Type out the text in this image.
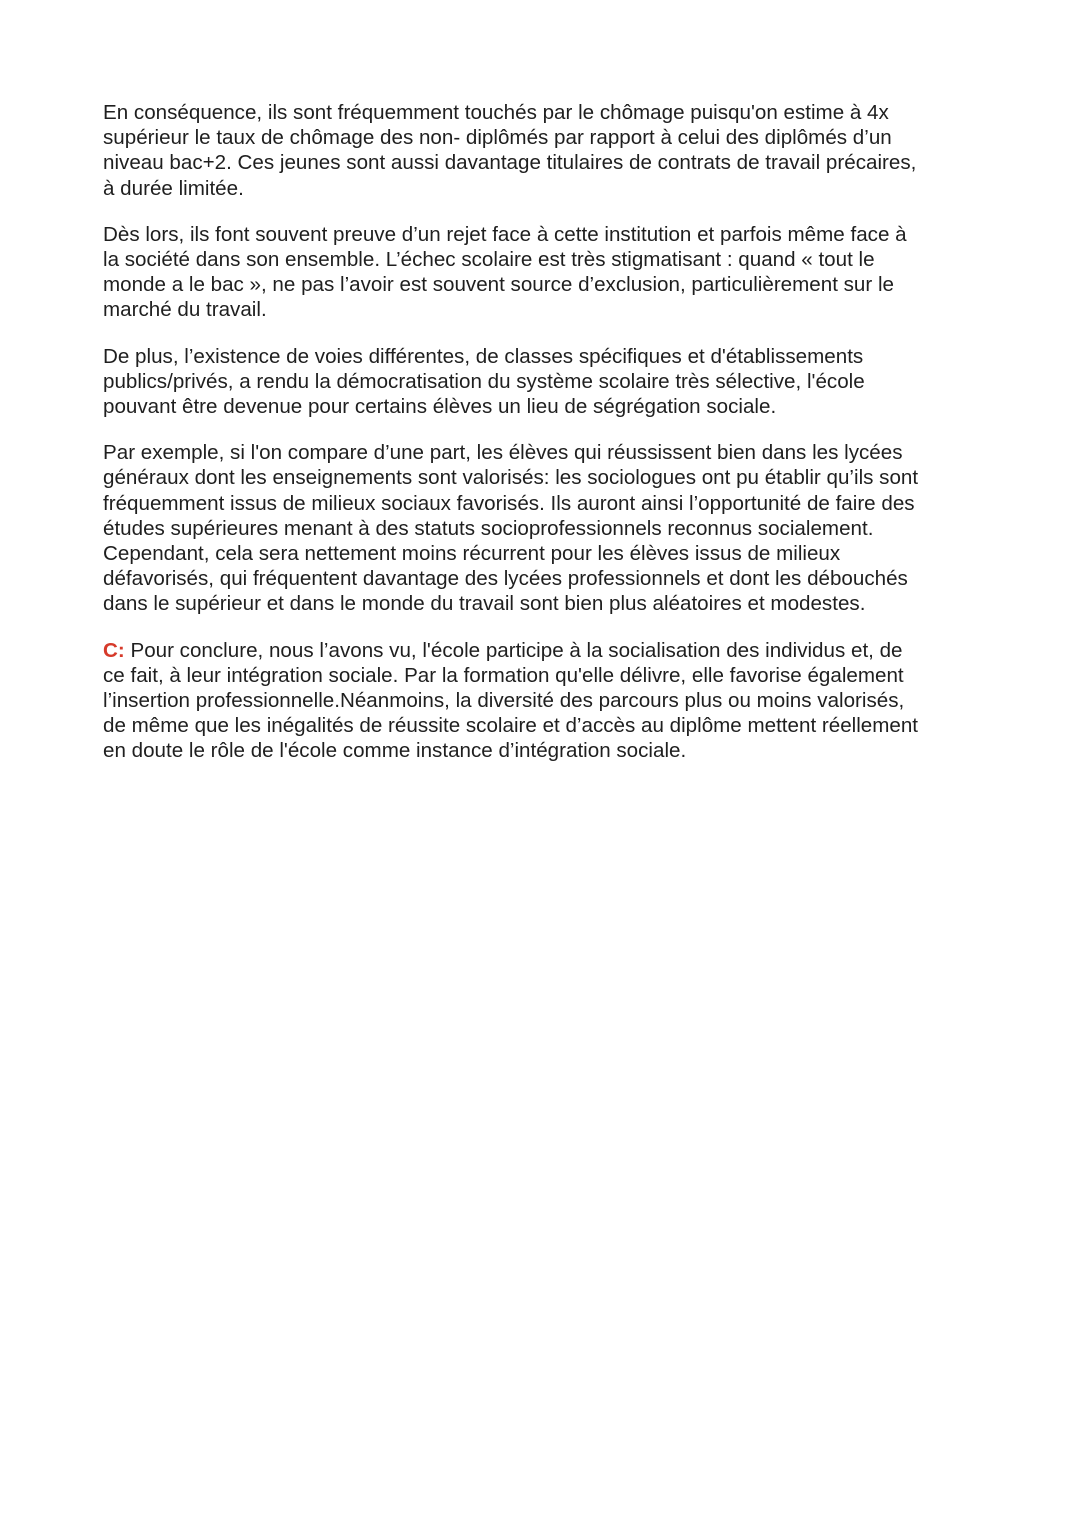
En conséquence, ils sont fréquemment touchés par le chômage puisqu'on estime à 4x
supérieur le taux de chômage des non- diplômés par rapport à celui des diplômés d’un
niveau bac+2. Ces jeunes sont aussi davantage titulaires de contrats de travail précaires,
à durée limitée.

Dès lors, ils font souvent preuve d’un rejet face à cette institution et parfois même face à
la société dans son ensemble. L’échec scolaire est très stigmatisant : quand « tout le
monde a le bac », ne pas l’avoir est souvent source d’exclusion, particulièrement sur le
marché du travail.

De plus, l’existence de voies différentes, de classes spécifiques et d'établissements
publics/privés, a rendu la démocratisation du système scolaire très sélective, l'école
pouvant être devenue pour certains élèves un lieu de ségrégation sociale.

Par exemple, si l'on compare d’une part, les élèves qui réussissent bien dans les lycées
généraux dont les enseignements sont valorisés: les sociologues ont pu établir qu’ils sont
fréquemment issus de milieux sociaux favorisés. Ils auront ainsi l’opportunité de faire des
études supérieures menant à des statuts socioprofessionnels reconnus socialement.
Cependant, cela sera nettement moins récurrent pour les élèves issus de milieux
défavorisés, qui fréquentent davantage des lycées professionnels et dont les débouchés
dans le supérieur et dans le monde du travail sont bien plus aléatoires et modestes.

C: Pour conclure, nous l’avons vu, l'école participe à la socialisation des individus et, de
ce fait, à leur intégration sociale. Par la formation qu'elle délivre, elle favorise également
l’insertion professionnelle.Néanmoins, la diversité des parcours plus ou moins valorisés,
de même que les inégalités de réussite scolaire et d’accès au diplôme mettent réellement
en doute le rôle de l'école comme instance d’intégration sociale.
